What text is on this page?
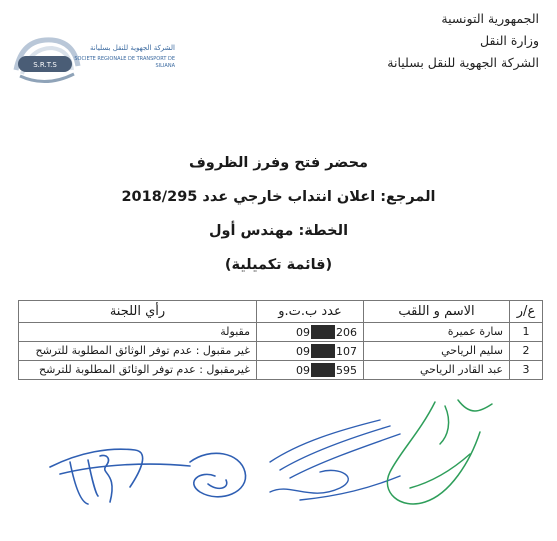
الجمهورية التونسية
وزارة النقل
الشركة الجهوية للنقل بسليانة
S.R.T.S
الشركة الجهوية للنقل بسليانة
SOCIETE REGIONALE DE TRANSPORT DE SILIANA

محضر فتح وفرز الظروف

المرجع: اعلان انتداب خارجي عدد 2018/295

الخطة: مهندس أول

(قائمة تكميلية)

ع/ر	الاسم و اللقب	عدد ب.ت.و	رأي اللجنة
1	سارة عميرة	09 206	مقبولة
2	سليم الرياحي	09 107	غير مقبول : عدم توفر الوثائق المطلوبة للترشح
3	عبد القادر الرياحي	09 595	غيرمقبول : عدم توفر الوثائق المطلوبة للترشح
